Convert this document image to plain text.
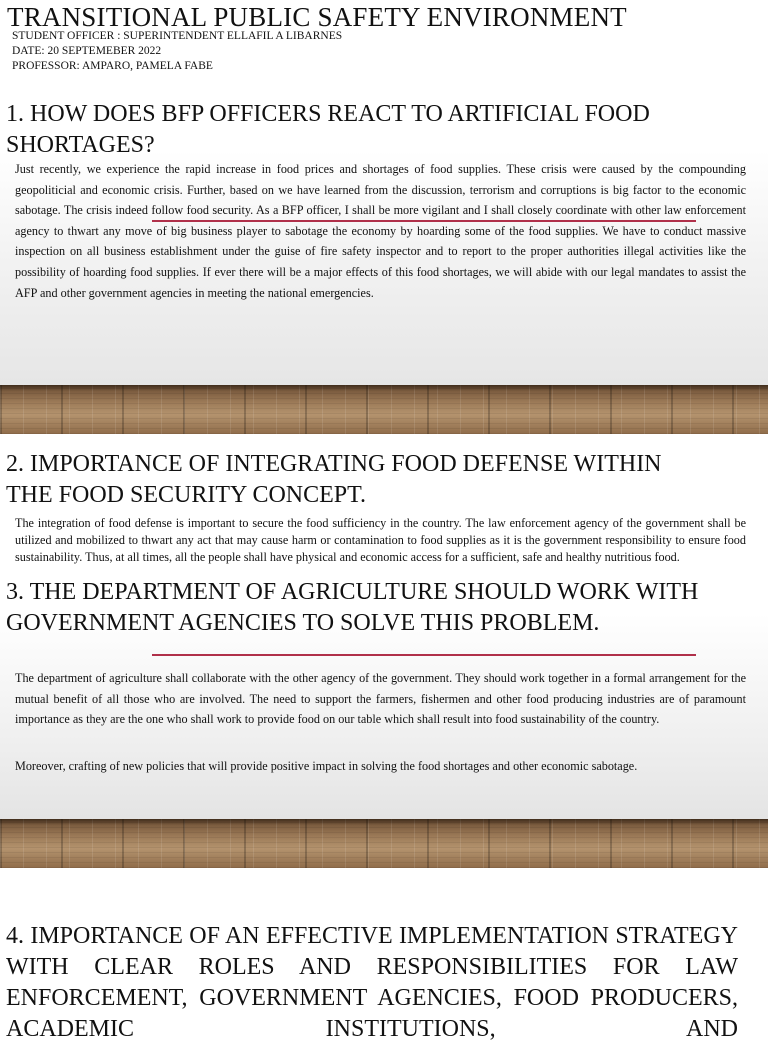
TRANSITIONAL PUBLIC SAFETY ENVIRONMENT
STUDENT OFFICER : SUPERINTENDENT ELLAFIL A LIBARNES
DATE: 20 SEPTEMEBER 2022
PROFESSOR: AMPARO, PAMELA FABE
1. HOW DOES BFP OFFICERS REACT TO ARTIFICIAL FOOD SHORTAGES?

Just recently, we experience the rapid increase in food prices and shortages of food supplies. These crisis were caused by the compounding geopoliticial and economic crisis. Further, based on we have learned from the discussion, terrorism and corruptions is big factor to the economic sabotage. The crisis indeed follow food security. As a BFP officer, I shall be more vigilant and I shall closely coordinate with other law enforcement agency to thwart any move of big business player to sabotage the economy by hoarding some of the food supplies. We have to conduct massive inspection on all business establishment under the guise of fire safety inspector and to report to the proper authorities illegal activities like the possibility of hoarding food supplies. If ever there will be a major effects of this food shortages, we will abide with our legal mandates to assist the AFP and other government agencies in meeting the national emergencies.

2. IMPORTANCE OF INTEGRATING FOOD DEFENSE WITHIN THE FOOD SECURITY CONCEPT.

The integration of food defense is important to secure the food sufficiency in the country. The law enforcement agency of the government shall be utilized and mobilized to thwart any act that may cause harm or contamination to food supplies as it is the government responsibility to ensure food sustainability. Thus, at all times, all the people shall have physical and economic access for a sufficient, safe and healthy nutritious food.

3. THE DEPARTMENT OF AGRICULTURE SHOULD WORK WITH GOVERNMENT AGENCIES TO SOLVE THIS PROBLEM.

The department of agriculture shall collaborate with the other agency of the government. They should work together in a formal arrangement for the mutual benefit of all those who are involved. The need to support the farmers, fishermen and other food producing industries are of paramount importance as they are the one who shall work to provide food on our table which shall result into food sustainability of the country.

Moreover, crafting of new policies that will provide positive impact in solving the food shortages and other economic sabotage.

4. IMPORTANCE OF AN EFFECTIVE IMPLEMENTATION STRATEGY WITH CLEAR ROLES AND RESPONSIBILITIES FOR LAW ENFORCEMENT, GOVERNMENT AGENCIES, FOOD PRODUCERS, ACADEMIC INSTITUTIONS, AND
